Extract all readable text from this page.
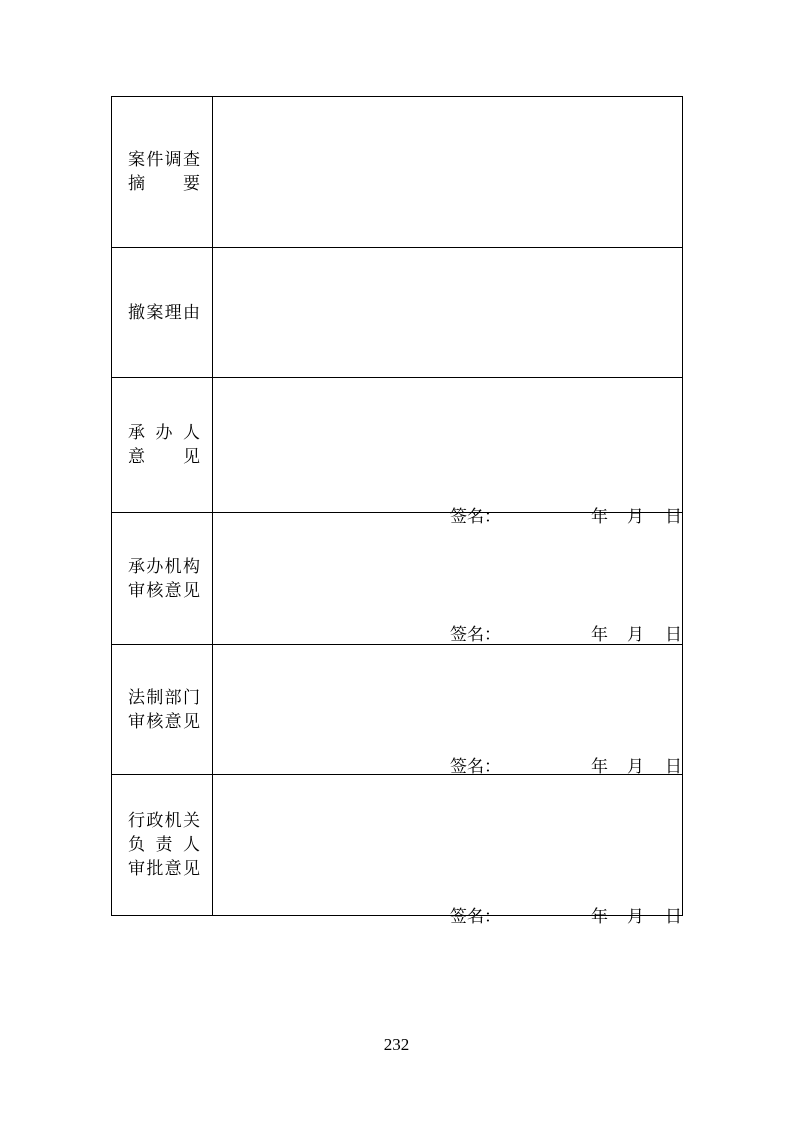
案件调查
摘　　要	

撤案理由	

承 办 人
意　　见	签名： 年 月 日

承办机构
审核意见	签名： 年 月 日

法制部门
审核意见	签名： 年 月 日

行政机关
负 责 人
审批意见	签名： 年 月 日
232
